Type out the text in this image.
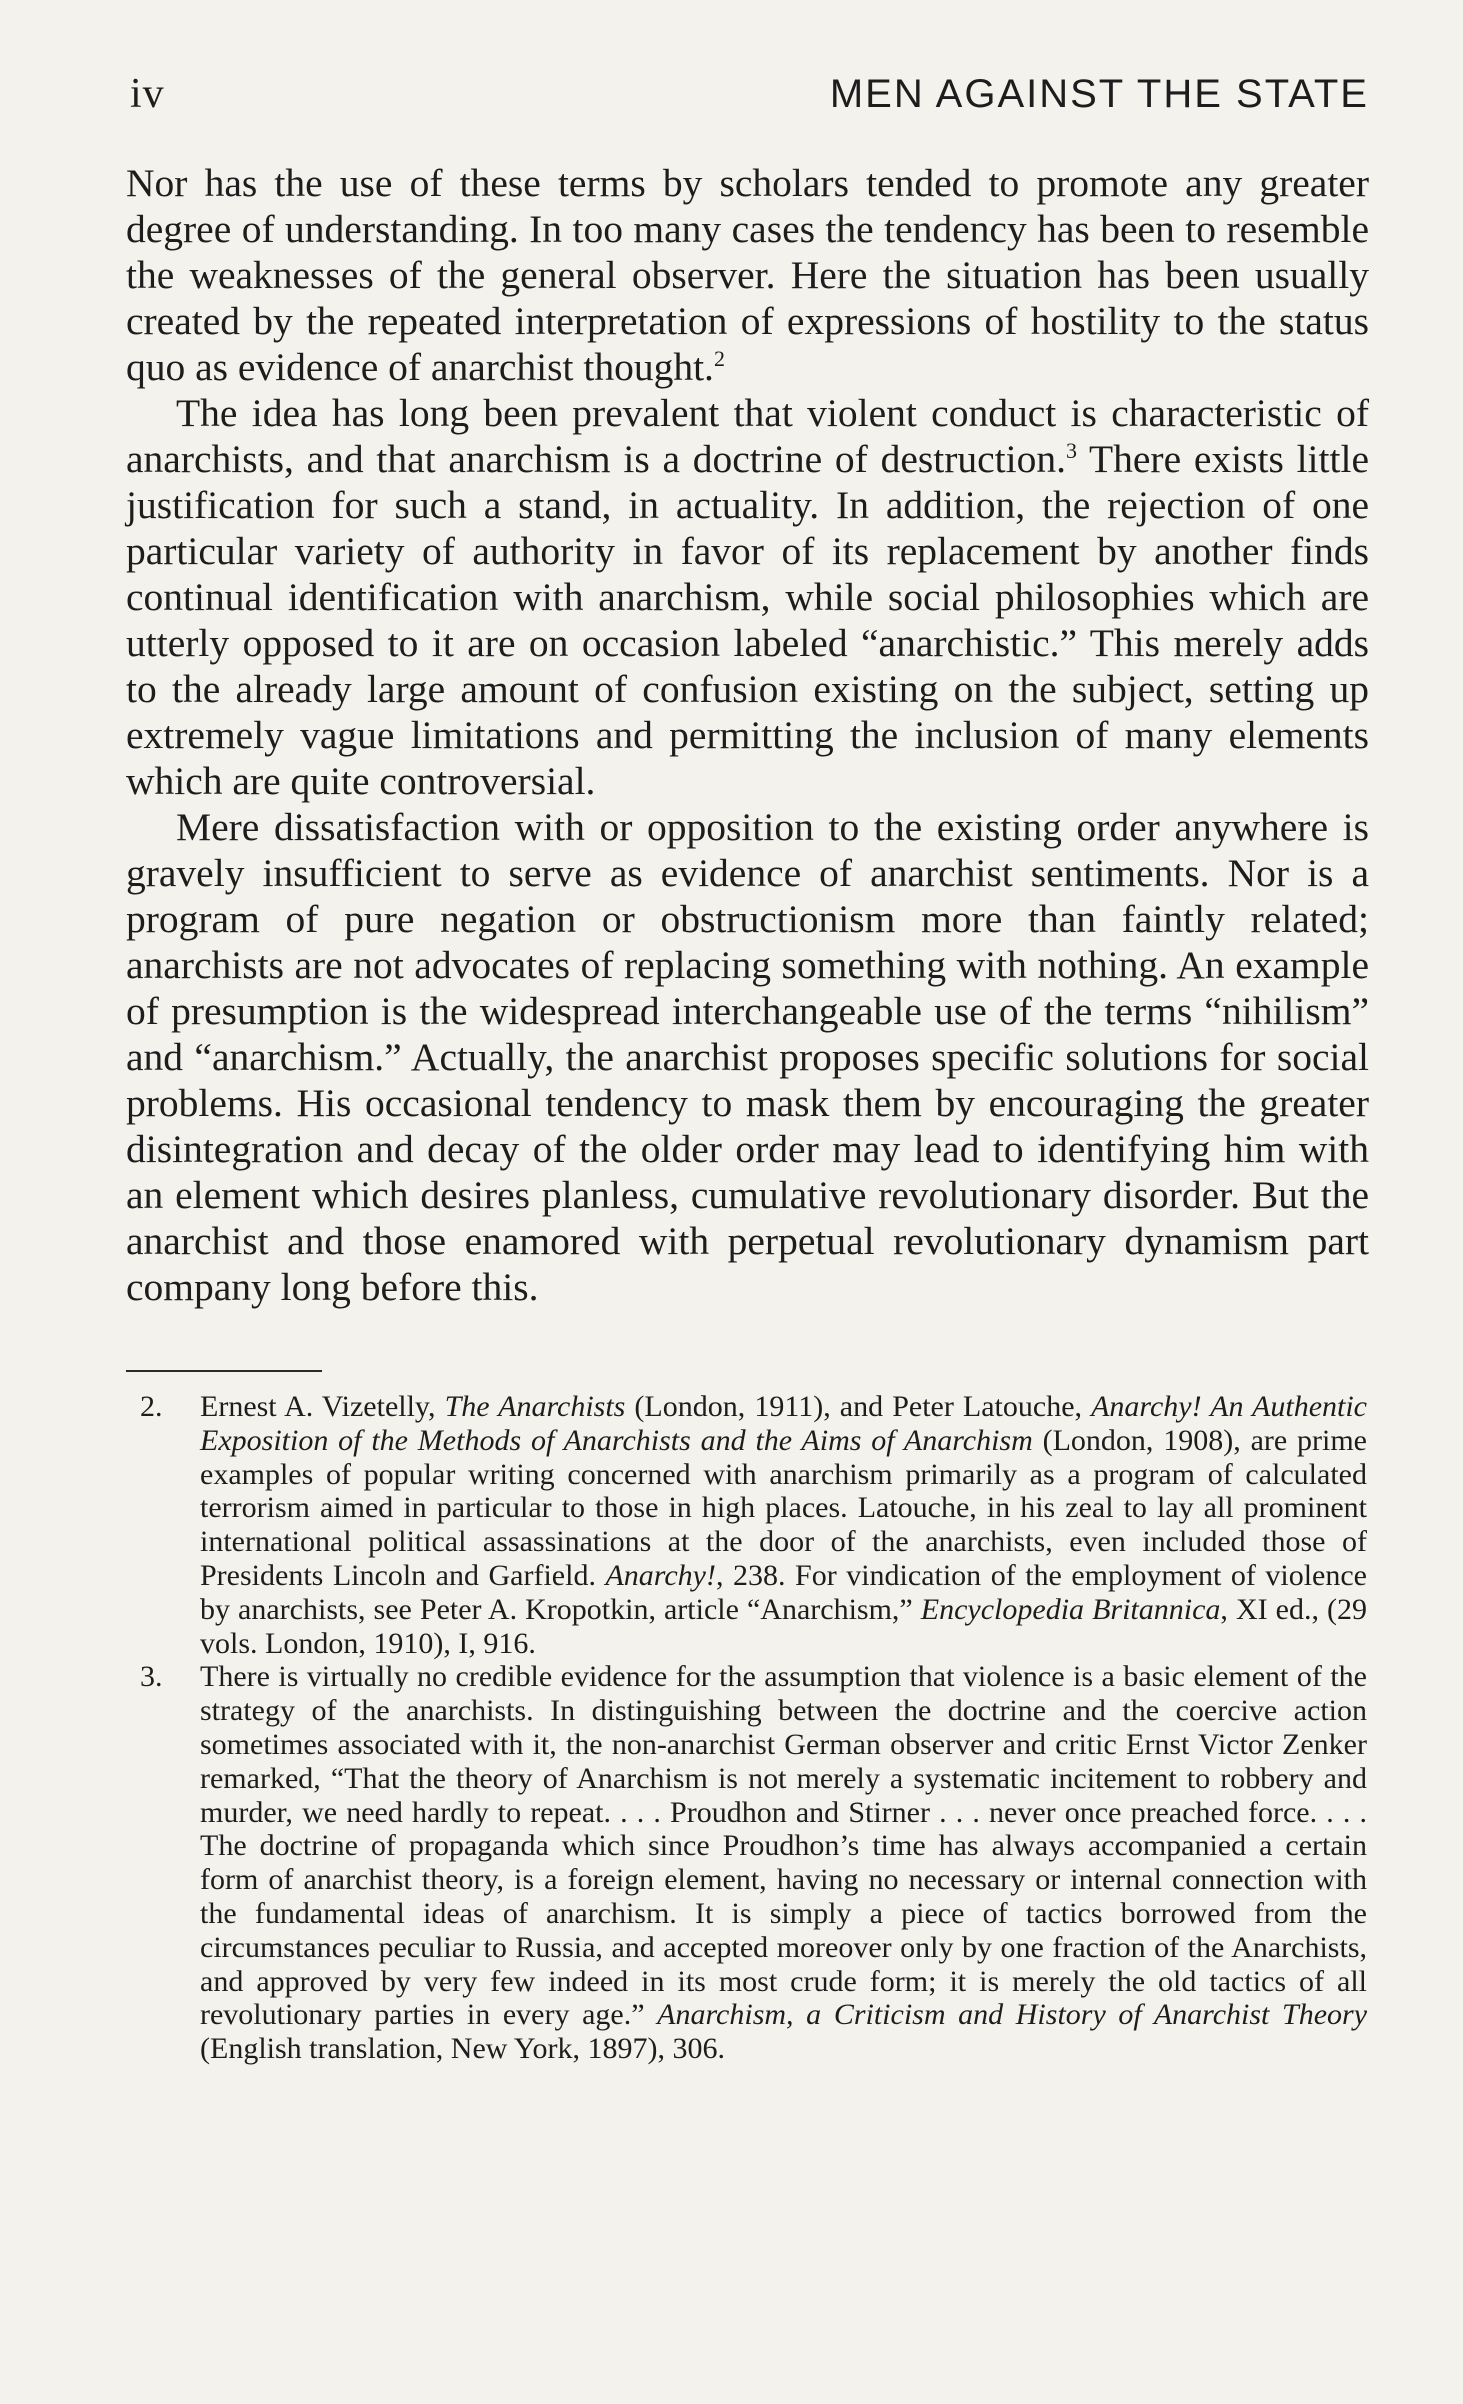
iv	MEN AGAINST THE STATE

Nor has the use of these terms by scholars tended to promote any greater degree of understanding. In too many cases the tendency has been to resemble the weaknesses of the general observer. Here the situation has been usually created by the repeated interpretation of expressions of hostility to the status quo as evidence of anarchist thought.$^2$

The idea has long been prevalent that violent conduct is characteristic of anarchists, and that anarchism is a doctrine of destruction.$^3$ There exists little justification for such a stand, in actuality. In addition, the rejection of one particular variety of authority in favor of its replacement by another finds continual identification with anarchism, while social philosophies which are utterly opposed to it are on occasion labeled “anarchistic.” This merely adds to the already large amount of confusion existing on the subject, setting up extremely vague limitations and permitting the inclusion of many elements which are quite controversial.

Mere dissatisfaction with or opposition to the existing order anywhere is gravely insufficient to serve as evidence of anarchist sentiments. Nor is a program of pure negation or obstructionism more than faintly related; anarchists are not advocates of replacing something with nothing. An example of presumption is the widespread interchangeable use of the terms “nihilism” and “anarchism.” Actually, the anarchist proposes specific solutions for social problems. His occasional tendency to mask them by encouraging the greater disintegration and decay of the older order may lead to identifying him with an element which desires planless, cumulative revolutionary disorder. But the anarchist and those enamored with perpetual revolutionary dynamism part company long before this.

2.	Ernest A. Vizetelly, The Anarchists (London, 1911), and Peter Latouche, Anarchy! An Authentic Exposition of the Methods of Anarchists and the Aims of Anarchism (London, 1908), are prime examples of popular writing concerned with anarchism primarily as a program of calculated terrorism aimed in particular to those in high places. Latouche, in his zeal to lay all prominent international political assassinations at the door of the anarchists, even included those of Presidents Lincoln and Garfield. Anarchy!, 238. For vindication of the employment of violence by anarchists, see Peter A. Kropotkin, article “Anarchism,” Encyclopedia Britannica, XI ed., (29 vols. London, 1910), I, 916.
3.	There is virtually no credible evidence for the assumption that violence is a basic element of the strategy of the anarchists. In distinguishing between the doctrine and the coercive action sometimes associated with it, the non-anarchist German observer and critic Ernst Victor Zenker remarked, “That the theory of Anarchism is not merely a systematic incitement to robbery and murder, we need hardly to repeat. . . . Proudhon and Stirner . . . never once preached force. . . . The doctrine of propaganda which since Proudhon’s time has always accompanied a certain form of anarchist theory, is a foreign element, having no necessary or internal connection with the fundamental ideas of anarchism. It is simply a piece of tactics borrowed from the circumstances peculiar to Russia, and accepted moreover only by one fraction of the Anarchists, and approved by very few indeed in its most crude form; it is merely the old tactics of all revolutionary parties in every age.” Anarchism, a Criticism and History of Anarchist Theory (English translation, New York, 1897), 306.
